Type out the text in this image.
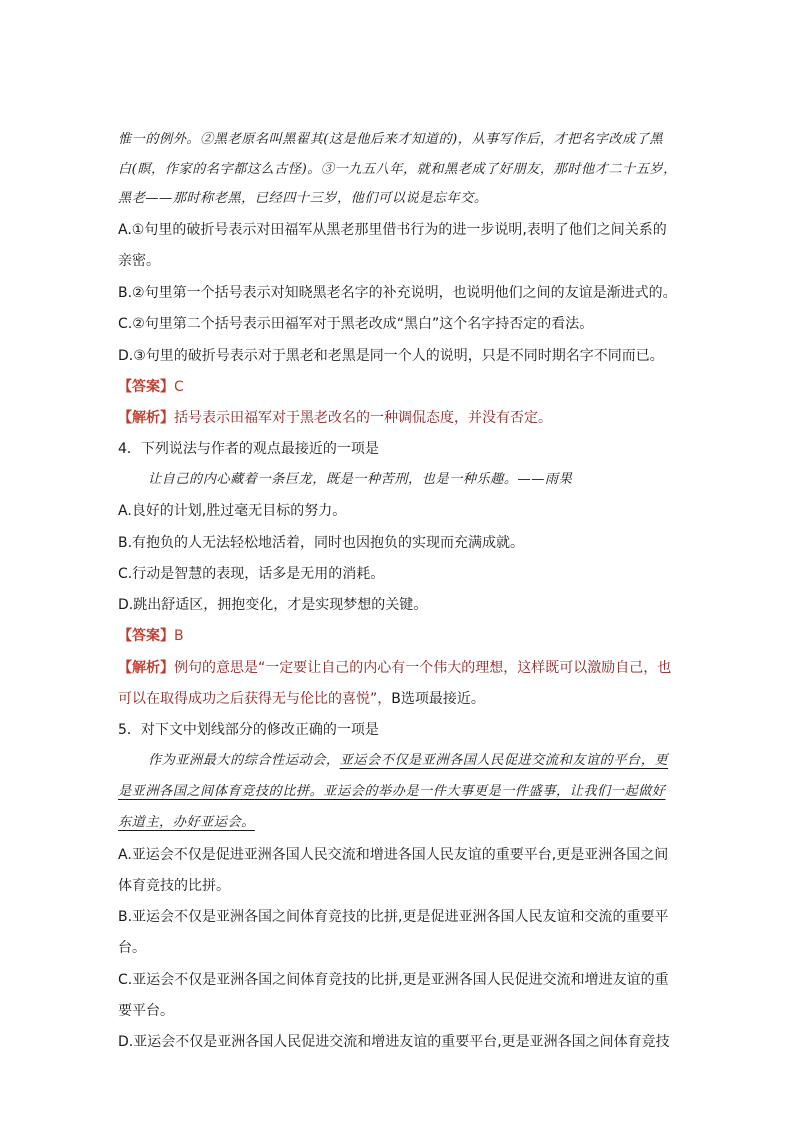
惟一的例外。②黑老原名叫黑翟其(这是他后来才知道的)，从事写作后，才把名字改成了黑
白(瞑，作家的名字都这么古怪)。③一九五八年，就和黑老成了好朋友，那时他才二十五岁，
黑老——那时称老黑，已经四十三岁，他们可以说是忘年交。
A.①句里的破折号表示对田福军从黑老那里借书行为的进一步说明,表明了他们之间关系的
亲密。
B.②句里第一个括号表示对知晓黑老名字的补充说明，也说明他们之间的友谊是渐进式的。
C.②句里第二个括号表示田福军对于黑老改成“黑白”这个名字持否定的看法。
D.③句里的破折号表示对于黑老和老黑是同一个人的说明，只是不同时期名字不同而已。
【答案】C
【解析】括号表示田福军对于黑老改名的一种调侃态度，并没有否定。
4．下列说法与作者的观点最接近的一项是
让自己的内心藏着一条巨龙，既是一种苦刑，也是一种乐趣。——雨果
A.良好的计划,胜过毫无目标的努力。
B.有抱负的人无法轻松地活着，同时也因抱负的实现而充满成就。
C.行动是智慧的表现，话多是无用的消耗。
D.跳出舒适区，拥抱变化，才是实现梦想的关键。
【答案】B
【解析】例句的意思是“一定要让自己的内心有一个伟大的理想，这样既可以激励自己，也
可以在取得成功之后获得无与伦比的喜悦”，B选项最接近。
5．对下文中划线部分的修改正确的一项是
作为亚洲最大的综合性运动会，亚运会不仅是亚洲各国人民促进交流和友谊的平台，更
是亚洲各国之间体育竞技的比拼。亚运会的举办是一件大事更是一件盛事，让我们一起做好
东道主，办好亚运会。
A.亚运会不仅是促进亚洲各国人民交流和增进各国人民友谊的重要平台,更是亚洲各国之间
体育竞技的比拼。
B.亚运会不仅是亚洲各国之间体育竞技的比拼,更是促进亚洲各国人民友谊和交流的重要平
台。
C.亚运会不仅是亚洲各国之间体育竞技的比拼,更是亚洲各国人民促进交流和增进友谊的重
要平台。
D.亚运会不仅是亚洲各国人民促进交流和增进友谊的重要平台,更是亚洲各国之间体育竞技
